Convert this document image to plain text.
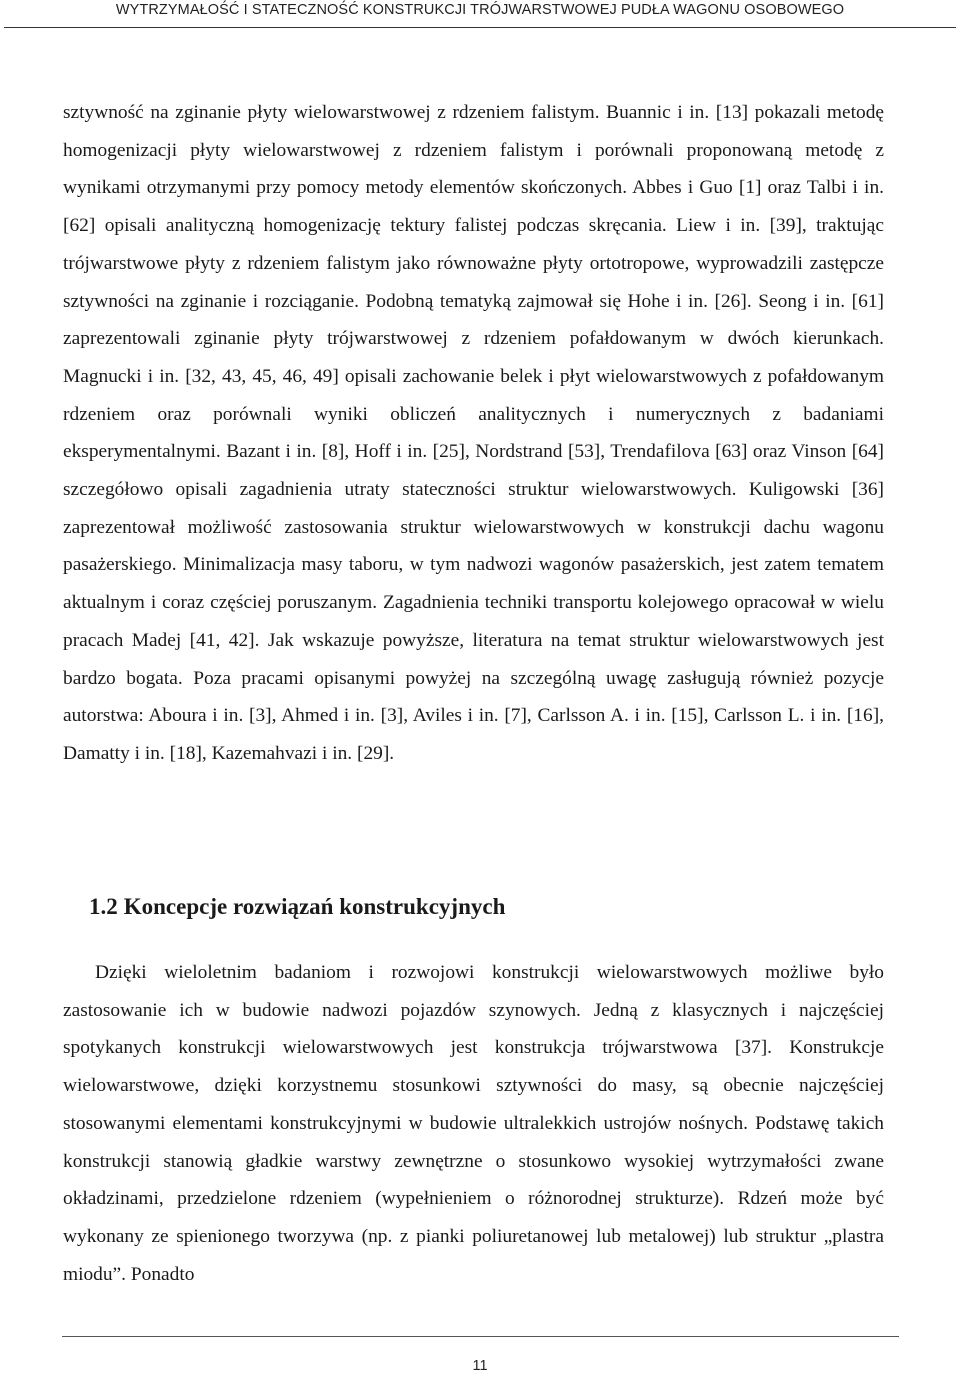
WYTRZYMAŁOŚĆ I STATECZNOŚĆ KONSTRUKCJI TRÓJWARSTWOWEJ PUDŁA WAGONU OSOBOWEGO

sztywność na zginanie płyty wielowarstwowej z rdzeniem falistym. Buannic i in. [13] pokazali metodę homogenizacji płyty wielowarstwowej z rdzeniem falistym i porównali proponowaną metodę z wynikami otrzymanymi przy pomocy metody elementów skończonych. Abbes i Guo [1] oraz Talbi i in. [62] opisali analityczną homogenizację tektury falistej podczas skręcania. Liew i in. [39], traktując trójwarstwowe płyty z rdzeniem falistym jako równoważne płyty ortotropowe, wyprowadzili zastępcze sztywności na zginanie i rozciąganie. Podobną tematyką zajmował się Hohe i in. [26]. Seong i in. [61] zaprezentowali zginanie płyty trójwarstwowej z rdzeniem pofałdowanym w dwóch kierunkach. Magnucki i in. [32, 43, 45, 46, 49] opisali zachowanie belek i płyt wielowarstwowych z pofałdowanym rdzeniem oraz porównali wyniki obliczeń analitycznych i numerycznych z badaniami eksperymentalnymi. Bazant i in. [8], Hoff i in. [25], Nordstrand [53], Trendafilova [63] oraz Vinson [64] szczegółowo opisali zagadnienia utraty stateczności struktur wielowarstwowych. Kuligowski [36] zaprezentował możliwość zastosowania struktur wielowarstwowych w konstrukcji dachu wagonu pasażerskiego. Minimalizacja masy taboru, w tym nadwozi wagonów pasażerskich, jest zatem tematem aktualnym i coraz częściej poruszanym. Zagadnienia techniki transportu kolejowego opracował w wielu pracach Madej [41, 42]. Jak wskazuje powyższe, literatura na temat struktur wielowarstwowych jest bardzo bogata. Poza pracami opisanymi powyżej na szczególną uwagę zasługują również pozycje autorstwa: Aboura i in. [3], Ahmed i in. [3], Aviles i in. [7], Carlsson A. i in. [15], Carlsson L. i in. [16], Damatty i in. [18], Kazemahvazi i in. [29].

1.2 Koncepcje rozwiązań konstrukcyjnych

Dzięki wieloletnim badaniom i rozwojowi konstrukcji wielowarstwowych możliwe było zastosowanie ich w budowie nadwozi pojazdów szynowych. Jedną z klasycznych i najczęściej spotykanych konstrukcji wielowarstwowych jest konstrukcja trójwarstwowa [37]. Konstrukcje wielowarstwowe, dzięki korzystnemu stosunkowi sztywności do masy, są obecnie najczęściej stosowanymi elementami konstrukcyjnymi w budowie ultralekkich ustrojów nośnych. Podstawę takich konstrukcji stanowią gładkie warstwy zewnętrzne o stosunkowo wysokiej wytrzymałości zwane okładzinami, przedzielone rdzeniem (wypełnieniem o różnorodnej strukturze). Rdzeń może być wykonany ze spienionego tworzywa (np. z pianki poliuretanowej lub metalowej) lub struktur „plastra miodu”. Ponadto

11
